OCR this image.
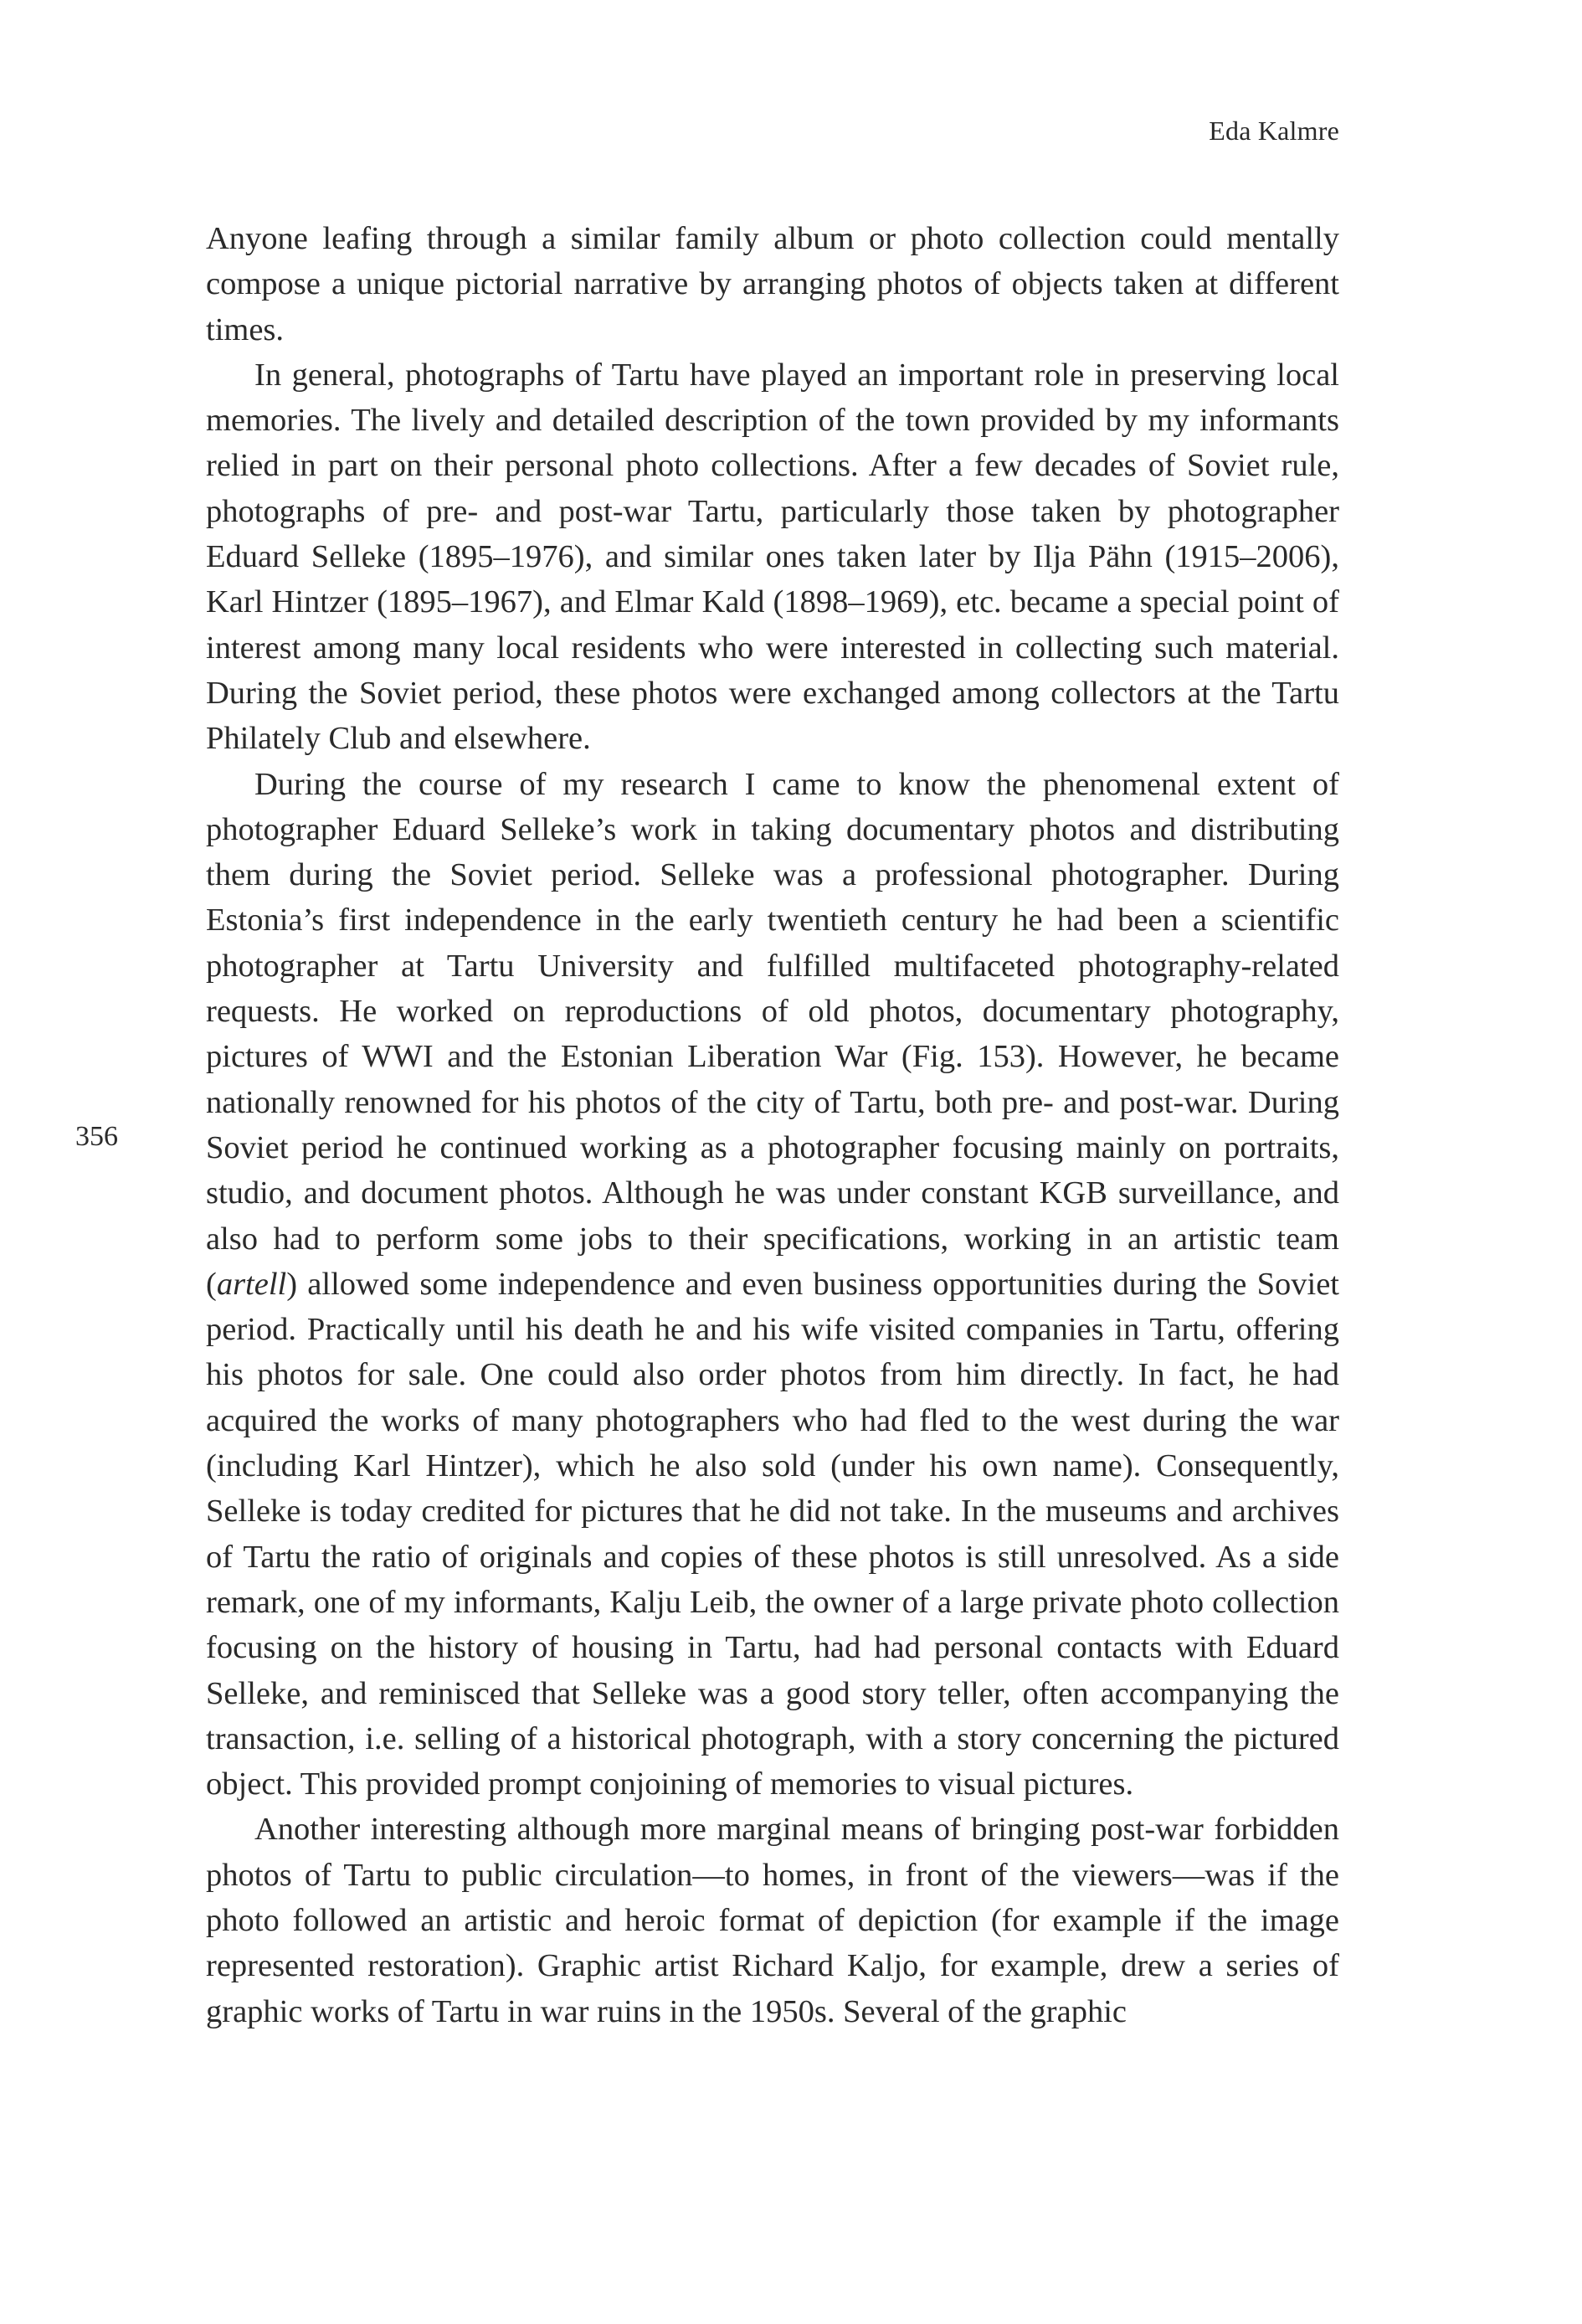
Eda Kalmre
356

Anyone leafing through a similar family album or photo collection could mentally compose a unique pictorial narrative by arranging photos of objects taken at different times.

In general, photographs of Tartu have played an important role in preserving local memories. The lively and detailed description of the town provided by my informants relied in part on their personal photo collections. After a few decades of Soviet rule, photographs of pre- and post-war Tartu, particularly those taken by photographer Eduard Selleke (1895–1976), and similar ones taken later by Ilja Pähn (1915–2006), Karl Hintzer (1895–1967), and Elmar Kald (1898–1969), etc. became a special point of interest among many local residents who were interested in collecting such material. During the Soviet period, these photos were exchanged among collectors at the Tartu Philately Club and elsewhere.

During the course of my research I came to know the phenomenal extent of photographer Eduard Selleke’s work in taking documentary photos and distributing them during the Soviet period. Selleke was a professional photographer. During Estonia’s first independence in the early twentieth century he had been a scientific photographer at Tartu University and fulfilled multifaceted photography-related requests. He worked on reproductions of old photos, documentary photography, pictures of WWI and the Estonian Liberation War (Fig. 153). However, he became nationally renowned for his photos of the city of Tartu, both pre- and post-war. During Soviet period he continued working as a photographer focusing mainly on portraits, studio, and document photos. Although he was under constant KGB surveillance, and also had to perform some jobs to their specifications, working in an artistic team (artell) allowed some independence and even business opportunities during the Soviet period. Practically until his death he and his wife visited companies in Tartu, offering his photos for sale. One could also order photos from him directly. In fact, he had acquired the works of many photographers who had fled to the west during the war (including Karl Hintzer), which he also sold (under his own name). Consequently, Selleke is today credited for pictures that he did not take. In the museums and archives of Tartu the ratio of originals and copies of these photos is still unresolved. As a side remark, one of my informants, Kalju Leib, the owner of a large private photo collection focusing on the history of housing in Tartu, had had personal contacts with Eduard Selleke, and reminisced that Selleke was a good story teller, often accompanying the transaction, i.e. selling of a historical photograph, with a story concerning the pictured object. This provided prompt conjoining of memories to visual pictures.

Another interesting although more marginal means of bringing post-war forbidden photos of Tartu to public circulation—to homes, in front of the viewers—was if the photo followed an artistic and heroic format of depiction (for example if the image represented restoration). Graphic artist Richard Kaljo, for example, drew a series of graphic works of Tartu in war ruins in the 1950s. Several of the graphic
